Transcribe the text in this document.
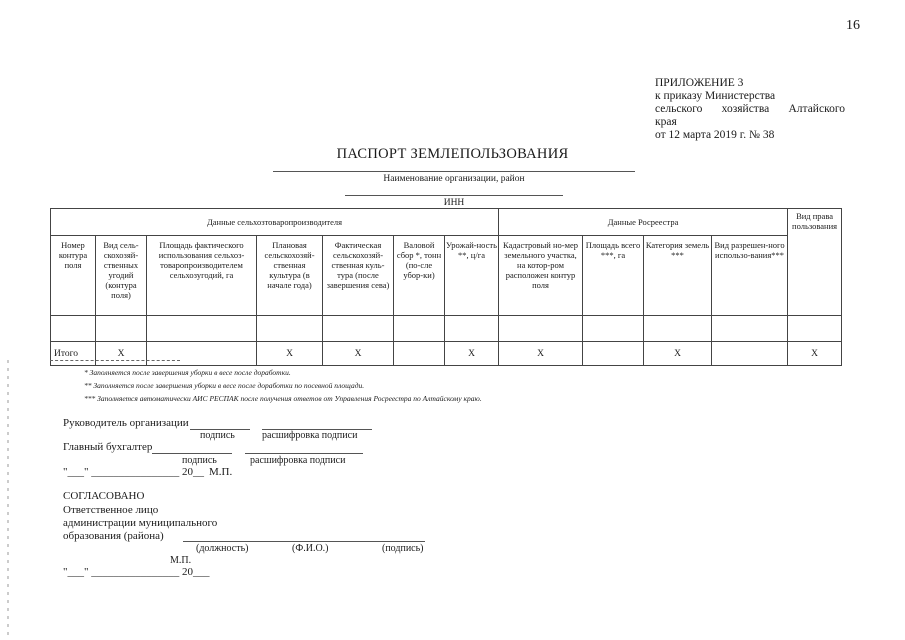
16
ПРИЛОЖЕНИЕ 3
к приказу Министерства
сельского хозяйства Алтайского
края
от 12 марта 2019 г. № 38
ПАСПОРТ ЗЕМЛЕПОЛЬЗОВАНИЯ
Наименование организации, район
ИНН
Данные сельхозтоваропроизводителя							Данные Росреестра				Вид права пользования
Номер контура поля	Вид сель-скохозяй-ственных угодий (контура поля)	Площадь фактического использования сельхоз-товаропроизводителем сельхозугодий, га	Плановая сельскохозяй-ственная культура (в начале года)	Фактическая сельскохозяй-ственная куль-тура (после завершения сева)	Валовой сбор *, тонн (по-сле убор-ки)	Урожай-ность **, ц/га	Кадастровый но-мер земельного участка, на котор-ром расположен контур поля	Площадь всего ***, га	Категория земель ***	Вид разрешен-ного использо-вания***	

Итого	X		X	X		X	X		X		X
* Заполняется после завершения уборки в весе после доработки.
** Заполняется после завершения уборки в весе после доработки по посевной площади.
*** Заполняется автоматически АИС РЕСПАК после получения ответов от Управления Росреестра по Алтайскому краю.
Руководитель организации
подпись	расшифровка подписи
Главный бухгалтер
подпись	расшифровка подписи
"___" ________________ 20__ М.П.
СОГЛАСОВАНО
Ответственное лицо
администрации муниципального
образования (района)
(должность)	(Ф.И.О.)	(подпись)
М.П.
"___" ________________ 20___
